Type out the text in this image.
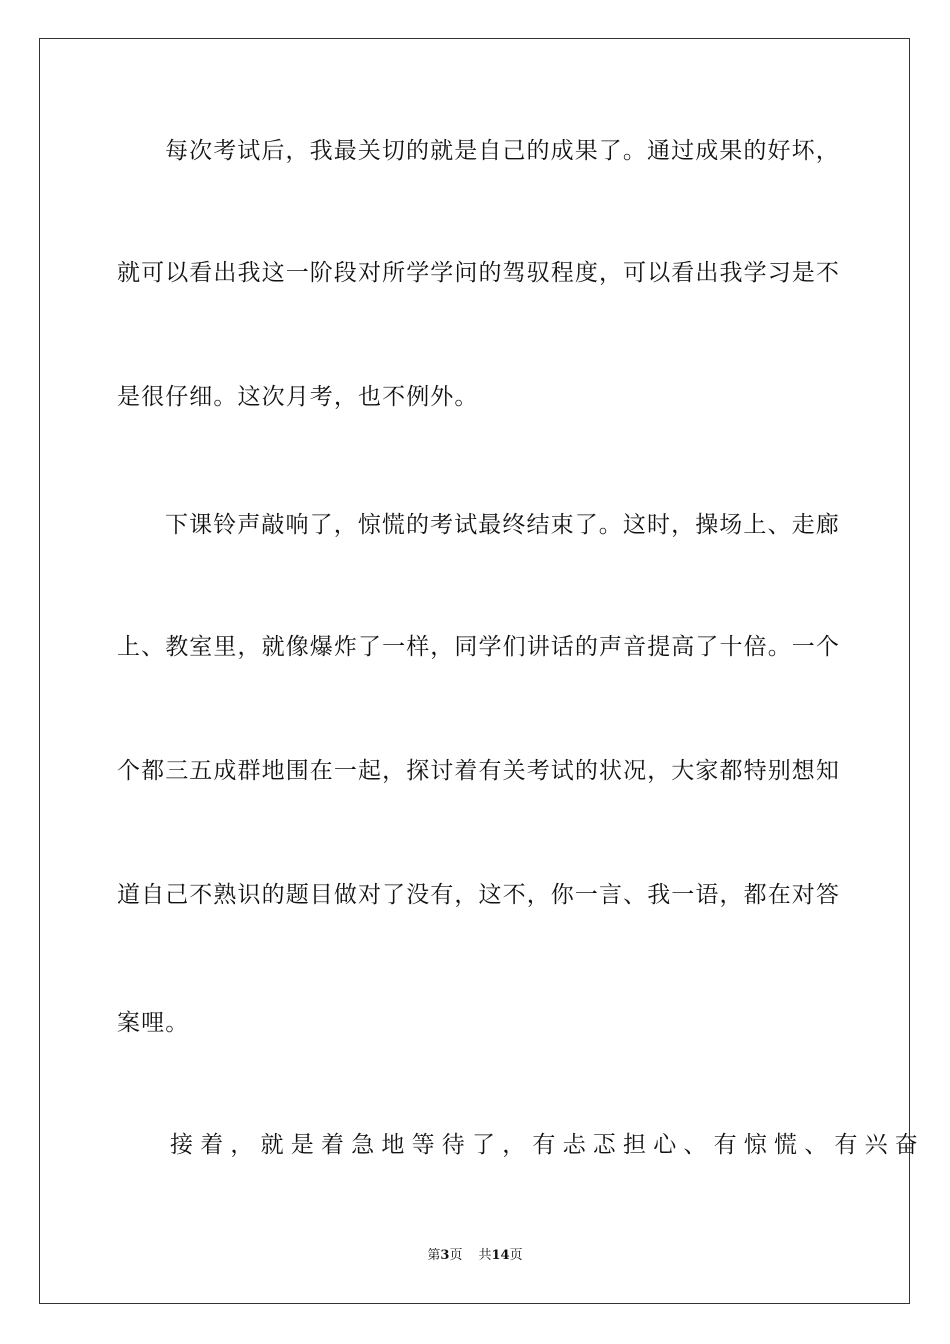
每次考试后，我最关切的就是自己的成果了。通过成果的好坏，
就可以看出我这一阶段对所学学问的驾驭程度，可以看出我学习是不
是很仔细。这次月考，也不例外。
下课铃声敲响了，惊慌的考试最终结束了。这时，操场上、走廊
上、教室里，就像爆炸了一样，同学们讲话的声音提高了十倍。一个
个都三五成群地围在一起，探讨着有关考试的状况，大家都特别想知
道自己不熟识的题目做对了没有，这不，你一言、我一语，都在对答
案哩。
接着，就是着急地等待了，有忐忑担心、有惊慌、有兴奋
第3页 共14页
